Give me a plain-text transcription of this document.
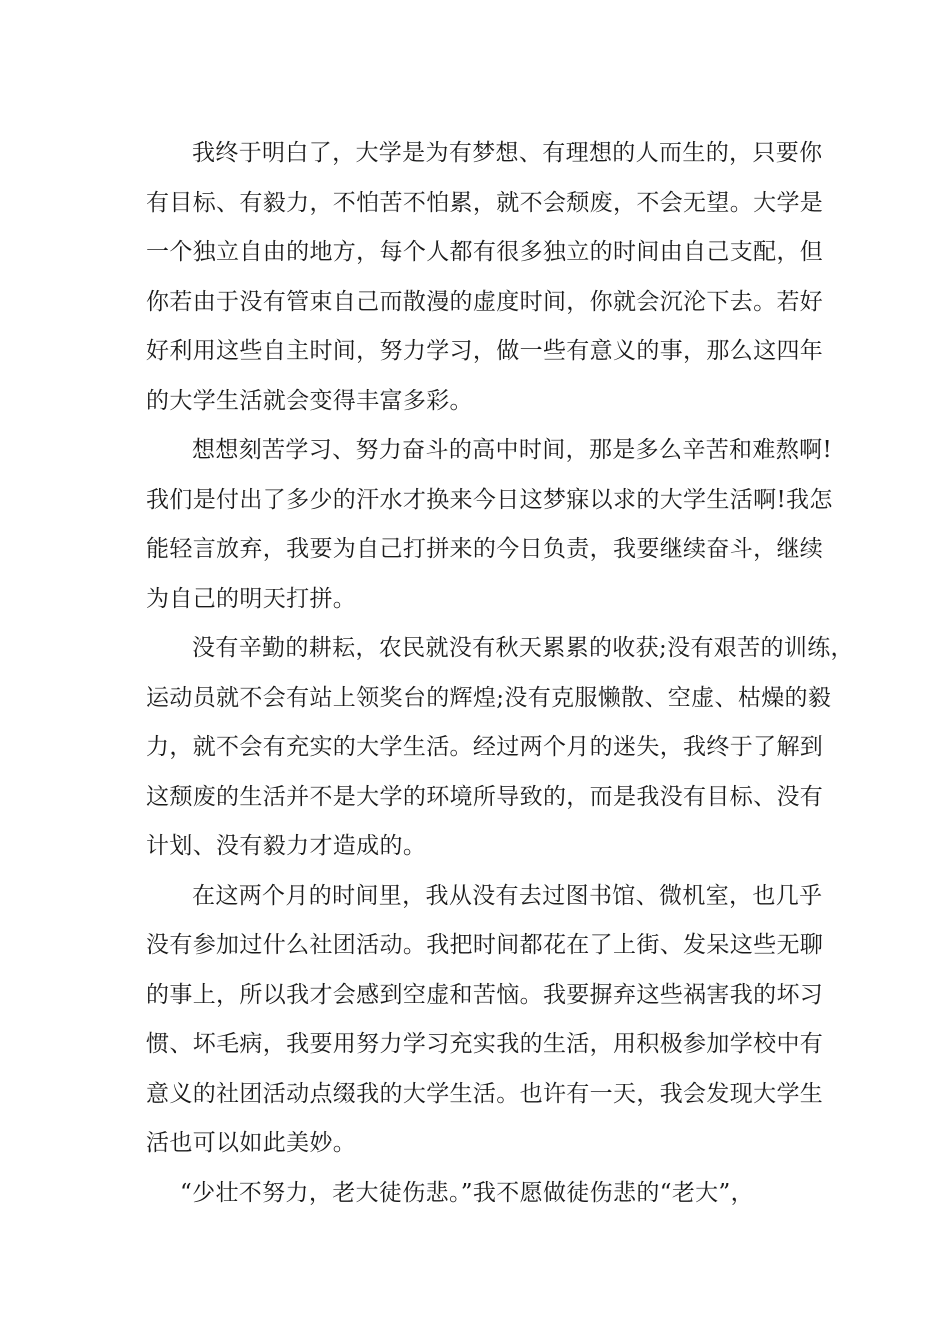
我终于明白了，大学是为有梦想、有理想的人而生的，只要你
有目标、有毅力，不怕苦不怕累，就不会颓废，不会无望。大学是
一个独立自由的地方，每个人都有很多独立的时间由自己支配，但
你若由于没有管束自己而散漫的虚度时间，你就会沉沦下去。若好
好利用这些自主时间，努力学习，做一些有意义的事，那么这四年
的大学生活就会变得丰富多彩。
想想刻苦学习、努力奋斗的高中时间，那是多么辛苦和难熬啊!
我们是付出了多少的汗水才换来今日这梦寐以求的大学生活啊!我怎
能轻言放弃，我要为自己打拼来的今日负责，我要继续奋斗，继续
为自己的明天打拼。
没有辛勤的耕耘，农民就没有秋天累累的收获;没有艰苦的训练，
运动员就不会有站上领奖台的辉煌;没有克服懒散、空虚、枯燥的毅
力，就不会有充实的大学生活。经过两个月的迷失，我终于了解到
这颓废的生活并不是大学的环境所导致的，而是我没有目标、没有
计划、没有毅力才造成的。
在这两个月的时间里，我从没有去过图书馆、微机室，也几乎
没有参加过什么社团活动。我把时间都花在了上街、发呆这些无聊
的事上，所以我才会感到空虚和苦恼。我要摒弃这些祸害我的坏习
惯、坏毛病，我要用努力学习充实我的生活，用积极参加学校中有
意义的社团活动点缀我的大学生活。也许有一天，我会发现大学生
活也可以如此美妙。
“少壮不努力，老大徒伤悲。”我不愿做徒伤悲的“老大”，
